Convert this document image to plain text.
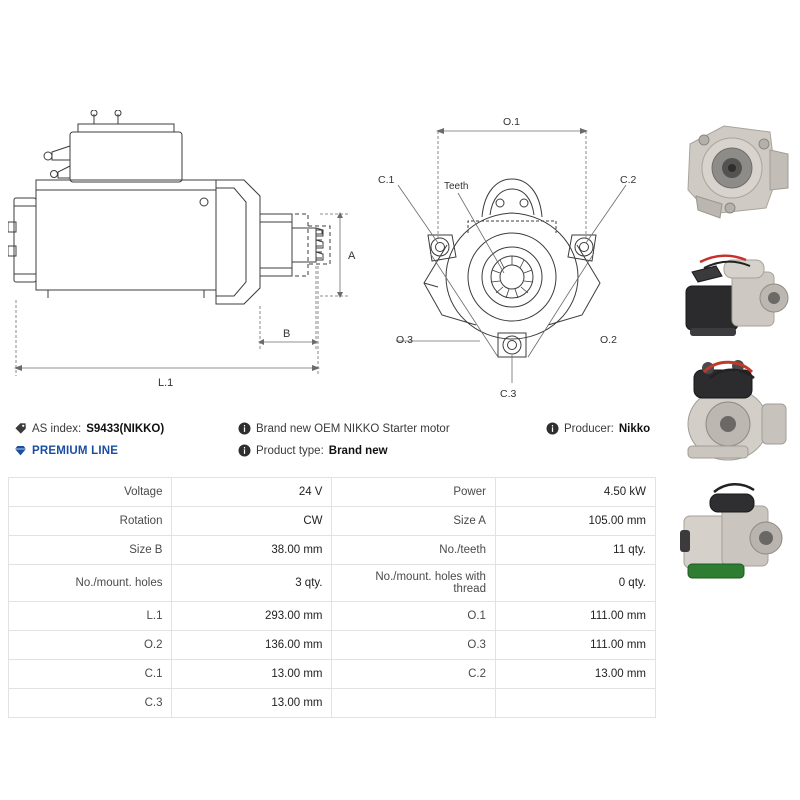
A
B
L.1
O.1
O.3	O.2
C.1	C.2
C.3
Teeth
AS index: S9433(NIKKO)	Brand new OEM NIKKO Starter motor	Producer: Nikko
PREMIUM LINE	Product type: Brand new
Voltage	24 V	Power	4.50 kW
Rotation	CW	Size A	105.00 mm
Size B	38.00 mm	No./teeth	11 qty.
No./mount. holes	3 qty.	No./mount. holes with thread	0 qty.
L.1	293.00 mm	O.1	111.00 mm
O.2	136.00 mm	O.3	111.00 mm
C.1	13.00 mm	C.2	13.00 mm
C.3	13.00 mm		
